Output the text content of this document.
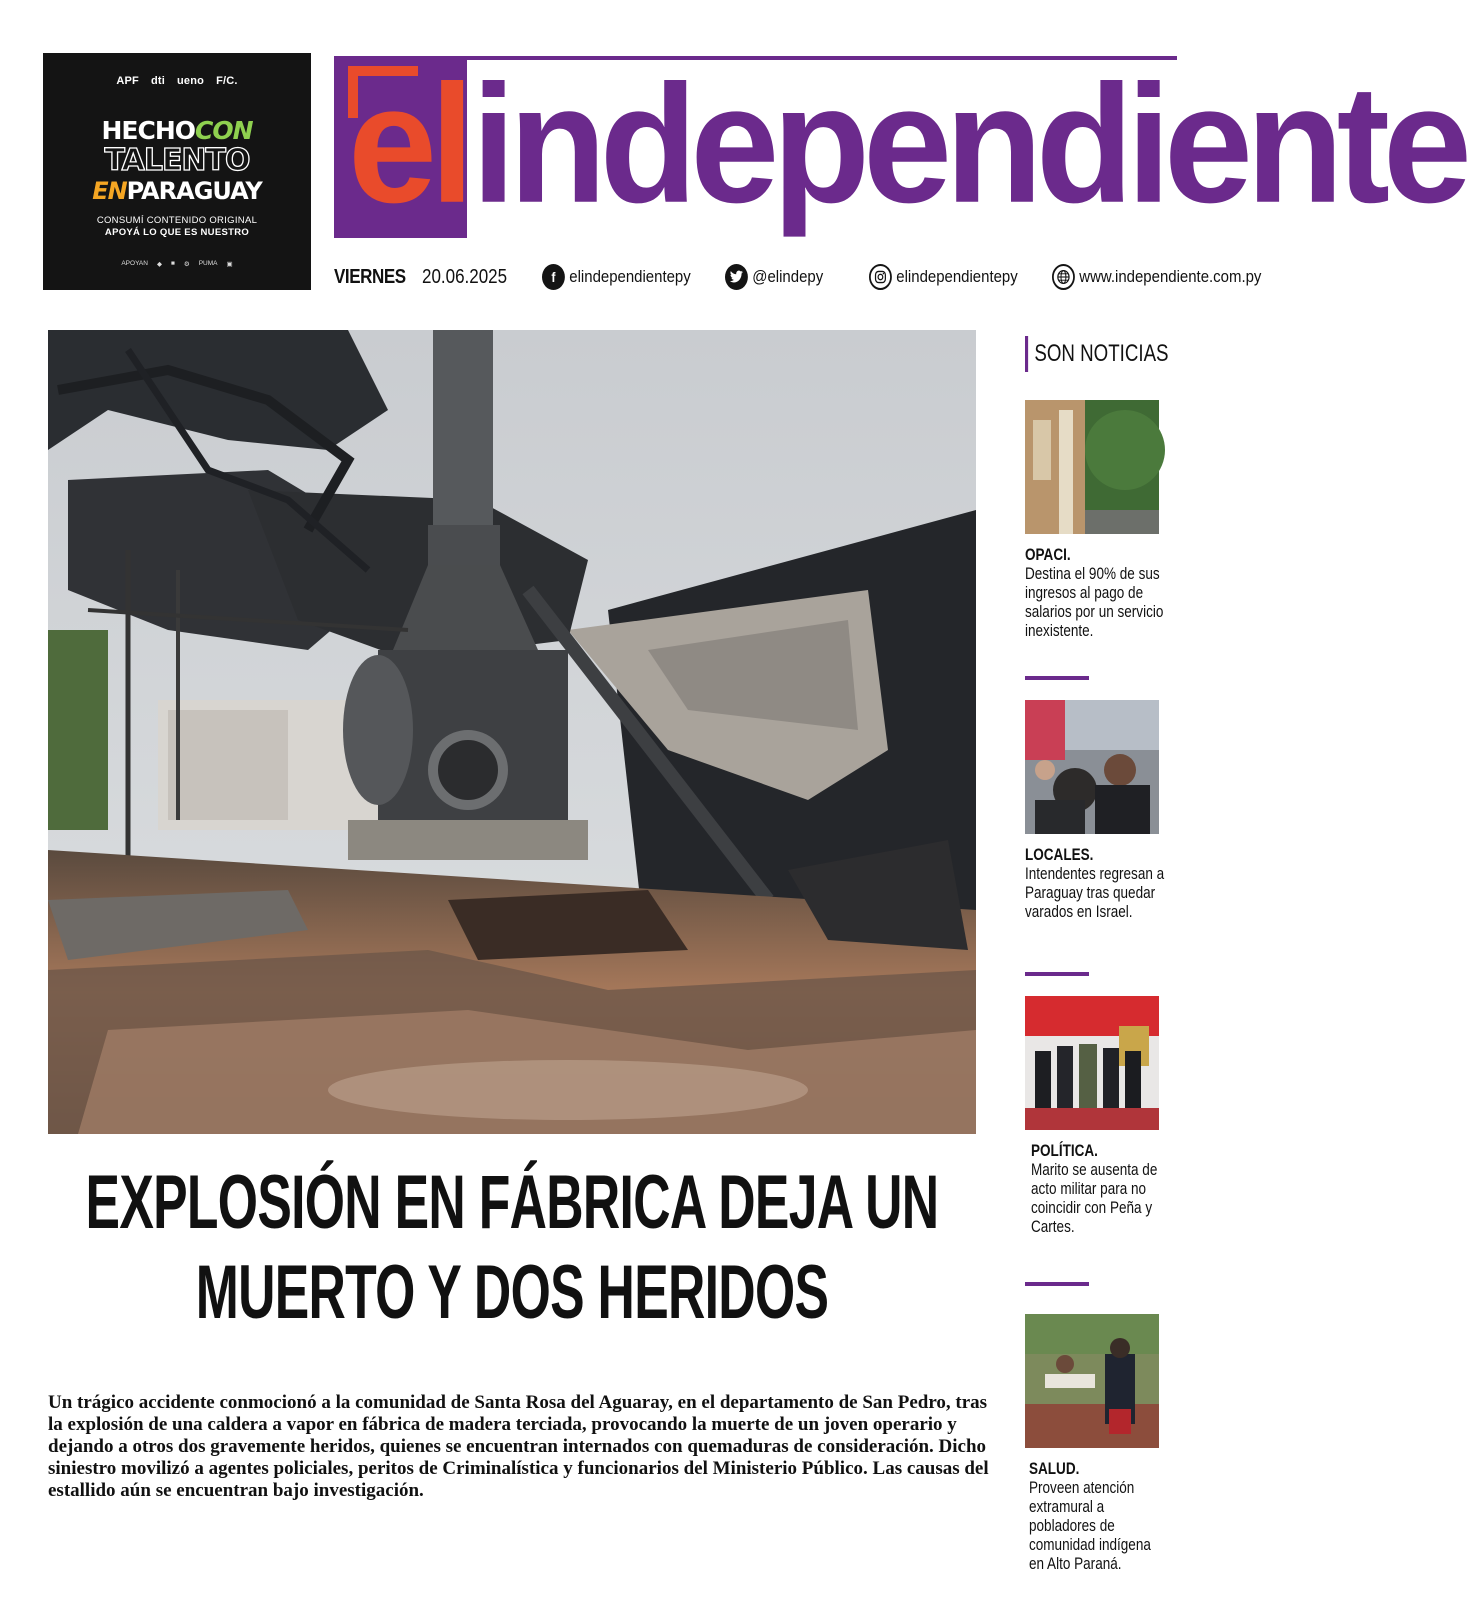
APF dti ueno F/C.
HECHOCON
TALENTO
ENPARAGUAY
CONSUMÍ CONTENIDO ORIGINAL
APOYÁ LO QUE ES NUESTRO
APOYAN ◆ ■ ⚙ PUMA ▣
el independiente
VIERNES 20.06.2025	f elindependientepy	@elindepy	elindependientepy	www.independiente.com.py
EXPLOSIÓN EN FÁBRICA DEJA UN
MUERTO Y DOS HERIDOS
Un trágico accidente conmocionó a la comunidad de Santa Rosa del Aguaray, en el departamento de San Pedro, tras la explosión de una caldera a vapor en fábrica de madera terciada, provocando la muerte de un joven operario y dejando a otros dos gravemente heridos, quienes se encuentran internados con quemaduras de consideración. Dicho siniestro movilizó a agentes policiales, peritos de Criminalística y funcionarios del Ministerio Público. Las causas del estallido aún se encuentran bajo investigación.
SON NOTICIAS
OPACI.
Destina el 90% de sus ingresos al pago de salarios por un servicio inexistente.
LOCALES.
Intendentes regresan a Paraguay tras quedar varados en Israel.
POLÍTICA.
Marito se ausenta de acto militar para no coincidir con Peña y Cartes.
SALUD.
Proveen atención extramural a pobladores de comunidad indígena en Alto Paraná.
